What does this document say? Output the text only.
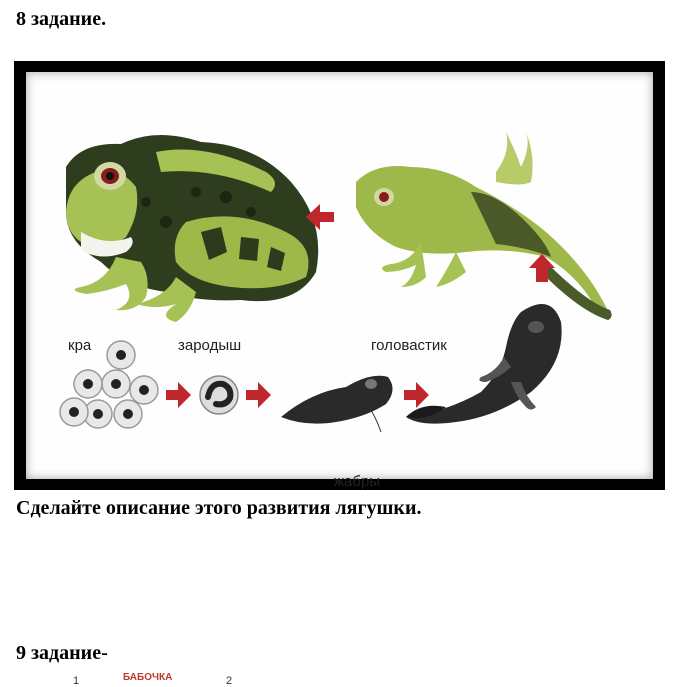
8 задание.
кра	зародыш	головастик
жабры
Сделайте описание этого развития лягушки.
9 задание-
1	БАБОЧКА	2
